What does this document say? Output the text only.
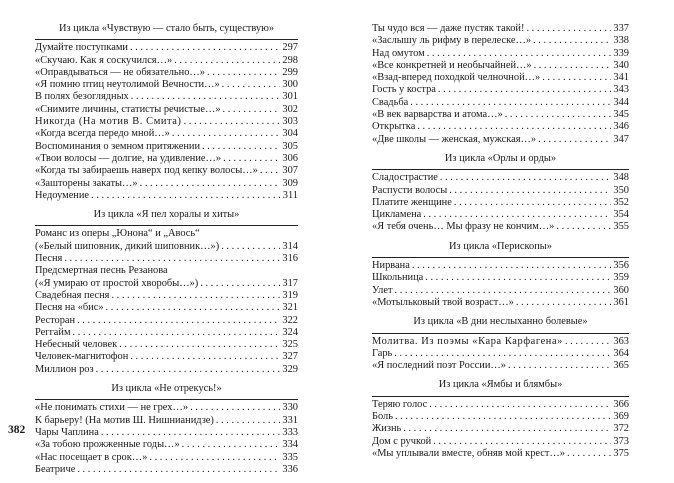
Из цикла «Чувствую — стало быть, существую»
Думайте поступками . . .	297
«Скучаю. Как я соскучился…» . . .	298
«Оправдываться — не обязательно…» . . .	299
«Я помню птиц неутолимой Вечности…» . . .	300
В полях безоглядных . . .	301
«Снимите личины, статисты речистые…» . . .	302
Никогда (На мотив В. Смита) . . .	303
«Когда всегда передо мной…» . . .	304
Воспоминания о земном притяжении . . .	305
«Твои волосы — долгие, на удивление…» . . .	306
«Когда ты забираешь наверх под кепку волосы…» . . . 307
«Зашторены закаты…» . . .	309
Недоумение . . .	311
Из цикла «Я пел хоралы и хиты»
Романс из оперы „Юнона“ и „Авось“
(«Белый шиповник, дикий шиповник…») . . .	314
Песня . . .	316
Предсмертная песнь Резанова
(«Я умираю от простой хворобы…») . . .	317
Свадебная песня . . .	319
Песня на «бис» . . .	321
Ресторан . . .	322
Реггайм . . .	324
Небесный человек . . .	325
Человек-магнитофон . . .	327
Миллион роз . . .	329
Из цикла «Не отрекусь!»
«Не понимать стихи — не грех…» . . .	330
К барьеру! (На мотив Ш. Нишнианидзе) . . .	331
Чары Чаплина . . .	333
«За тобою прожженные годы…» . . .	334
«Нас посещает в срок…» . . .	335
Беатриче . . .	336
382
Ты чудо вся — даже пустяк такой! . . .	337
«Заслышу ль рифму в перелеске…» . . .	338
Над омутом . . .	339
«Все конкретней и необычайней…» . . .	340
«Взад-вперед походкой челночной…» . . .	341
Гость у костра . . .	343
Свадьба . . .	344
«В век варварства и атома…» . . .	345
Открытка . . .	346
«Две школы — женская, мужская…» . . .	347
Из цикла «Орлы и орды»
Сладострастие . . .	348
Распусти волосы . . .	350
Платите женщине . . .	352
Цикламена . . .	354
«Я тебя очень… Мы фразу не кончим…» . . .	355
Из цикла «Перископы»
Нирвана . . .	356
Школьница . . .	359
Улет . . .	360
«Мотыльковый твой возраст…» . . .	361
Из цикла «В дни неслыханно болевые»
Молитва. Из поэмы «Кара Карфагена» . . .	363
Гарь . . .	364
«Я последний поэт России…» . . .	365
Из цикла «Ямбы и блямбы»
Теряю голос . . .	366
Боль . . .	369
Жизнь . . .	372
Дом с ручкой . . .	373
«Мы уплывали вместе, обняв мой крест…» . . .	375
